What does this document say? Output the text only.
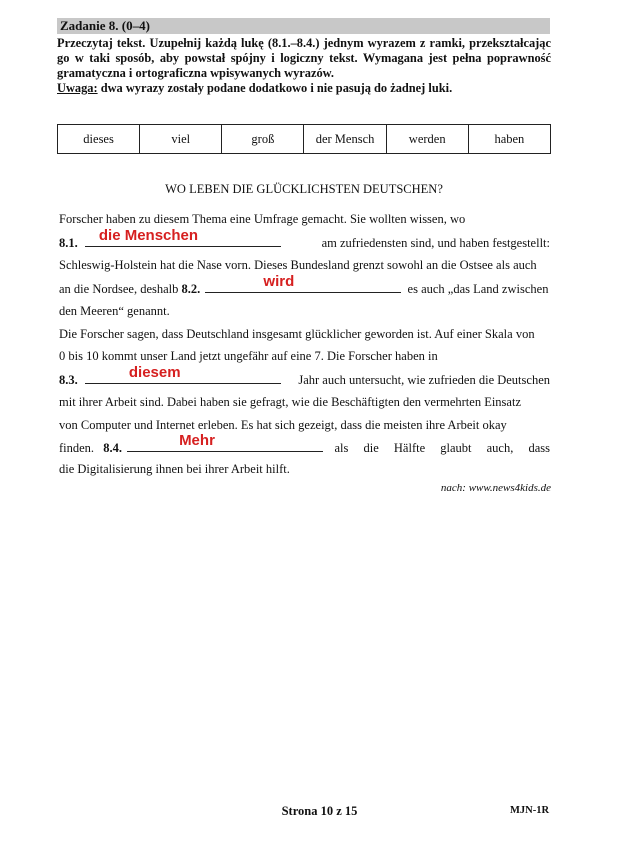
Zadanie 8. (0–4)

Przeczytaj tekst. Uzupełnij każdą lukę (8.1.–8.4.) jednym wyrazem z ramki, przekształcając go w taki sposób, aby powstał spójny i logiczny tekst. Wymagana jest pełna poprawność gramatyczna i ortograficzna wpisywanych wyrazów.

Uwaga: dwa wyrazy zostały podane dodatkowo i nie pasują do żadnej luki.

dieses	viel	groß	der Mensch	werden	haben
WO LEBEN DIE GLÜCKLICHSTEN DEUTSCHEN?
Forscher haben zu diesem Thema eine Umfrage gemacht. Sie wollten wissen, wo
8.1. die Menschen	am zufriedensten sind, und haben festgestellt:
Schleswig-Holstein hat die Nase vorn. Dieses Bundesland grenzt sowohl an die Ostsee als auch
an die Nordsee, deshalb 8.2.	wird	es auch „das Land zwischen
den Meeren“ genannt.
Die Forscher sagen, dass Deutschland insgesamt glücklicher geworden ist. Auf einer Skala von
0 bis 10 kommt unser Land jetzt ungefähr auf eine 7. Die Forscher haben in
8.3.	diesem	Jahr auch untersucht, wie zufrieden die Deutschen
mit ihrer Arbeit sind. Dabei haben sie gefragt, wie die Beschäftigten den vermehrten Einsatz
von Computer und Internet erleben. Es hat sich gezeigt, dass die meisten ihre Arbeit okay
finden. 8.4.	Mehr	als die Hälfte glaubt auch, dass
die Digitalisierung ihnen bei ihrer Arbeit hilft.
nach: www.news4kids.de
Strona 10 z 15	MJN-1R
